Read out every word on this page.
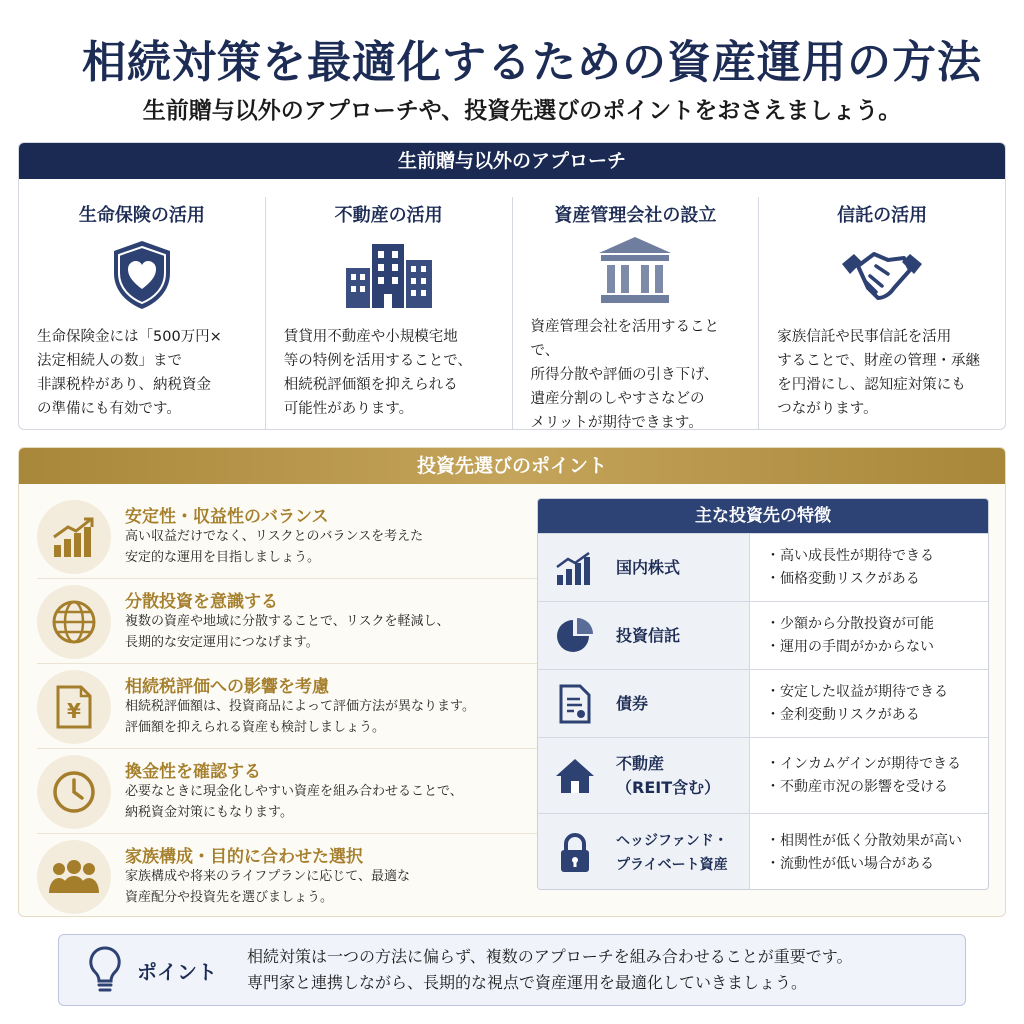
相続対策を最適化するための資産運用の方法
生前贈与以外のアプローチや、投資先選びのポイントをおさえましょう。
生前贈与以外のアプローチ
生命保険の活用
生命保険金には「500万円×
法定相続人の数」まで
非課税枠があり、納税資金
の準備にも有効です。
不動産の活用
賃貸用不動産や小規模宅地
等の特例を活用することで、
相続税評価額を抑えられる
可能性があります。
資産管理会社の設立
資産管理会社を活用することで、
所得分散や評価の引き下げ、
遺産分割のしやすさなどの
メリットが期待できます。
信託の活用
家族信託や民事信託を活用
することで、財産の管理・承継
を円滑にし、認知症対策にも
つながります。
投資先選びのポイント
安定性・収益性のバランス
高い収益だけでなく、リスクとのバランスを考えた
安定的な運用を目指しましょう。
分散投資を意識する
複数の資産や地域に分散することで、リスクを軽減し、
長期的な安定運用につなげます。
¥
相続税評価への影響を考慮
相続税評価額は、投資商品によって評価方法が異なります。
評価額を抑えられる資産も検討しましょう。
換金性を確認する
必要なときに現金化しやすい資産を組み合わせることで、
納税資金対策にもなります。
家族構成・目的に合わせた選択
家族構成や将来のライフプランに応じて、最適な
資産配分や投資先を選びましょう。
主な投資先の特徴
国内株式
・ 高い成長性が期待できる
・ 価格変動リスクがある
投資信託
・ 少額から分散投資が可能
・ 運用の手間がかからない
債券
・ 安定した収益が期待できる
・ 金利変動リスクがある
不動産
（REIT含む）
・ インカムゲインが期待できる
・ 不動産市況の影響を受ける
ヘッジファンド・
プライベート資産
・ 相関性が低く分散効果が高い
・ 流動性が低い場合がある
ポイント
相続対策は一つの方法に偏らず、複数のアプローチを組み合わせることが重要です。
専門家と連携しながら、長期的な視点で資産運用を最適化していきましょう。
